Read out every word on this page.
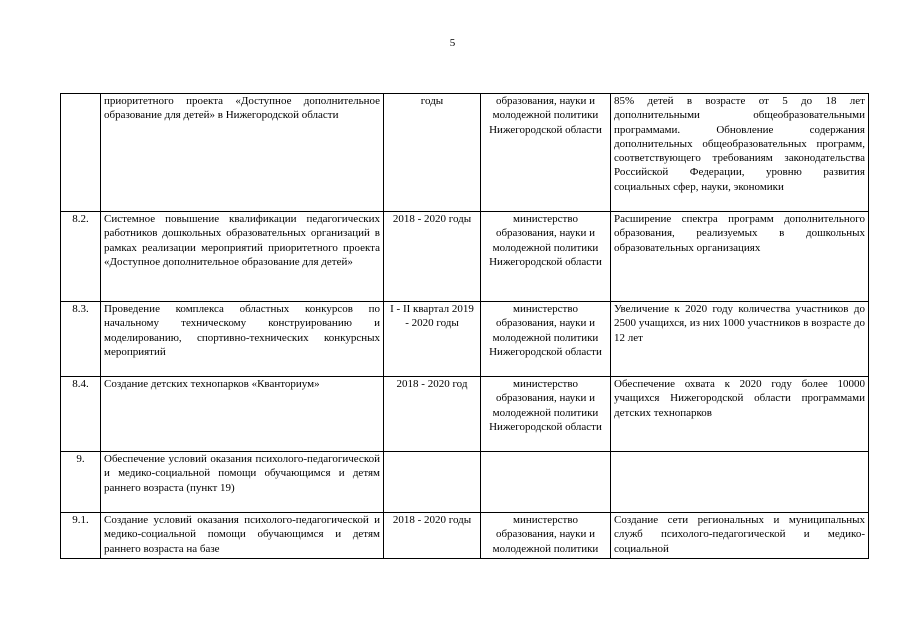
5
	приоритетного проекта «Доступное дополнительное образование для детей» в Нижегородской области	годы	образования, науки и молодежной политики Нижегородской области	85% детей в возрасте от 5 до 18 лет дополнительными общеобразовательными программами. Обновление содержания дополнительных общеобразовательных программ, соответствующего требованиям законодательства Российской Федерации, уровню развития социальных сфер, науки, экономики
8.2.	Системное повышение квалификации педагогических работников дошкольных образовательных организаций в рамках реализации мероприятий приоритетного проекта «Доступное дополнительное образование для детей»	2018 - 2020 годы	министерство образования, науки и молодежной политики Нижегородской области	Расширение спектра программ дополнительного образования, реализуемых в дошкольных образовательных организациях
8.3.	Проведение комплекса областных конкурсов по начальному техническому конструированию и моделированию, спортивно-технических конкурсных мероприятий	I - II квартал 2019 - 2020 годы	министерство образования, науки и молодежной политики Нижегородской области	Увеличение к 2020 году количества участников до 2500 учащихся, из них 1000 участников в возрасте до 12 лет
8.4.	Создание детских технопарков «Кванториум»	2018 - 2020 год	министерство образования, науки и молодежной политики Нижегородской области	Обеспечение охвата к 2020 году более 10000 учащихся Нижегородской области программами детских технопарков
9.	Обеспечение условий оказания психолого-педагогической и медико-социальной помощи обучающимся и детям раннего возраста (пункт 19)			
9.1.	Создание условий оказания психолого-педагогической и медико-социальной помощи обучающимся и детям раннего возраста на базе	2018 - 2020 годы	министерство образования, науки и молодежной политики	Создание сети региональных и муниципальных служб психолого-педагогической и медико-социальной
